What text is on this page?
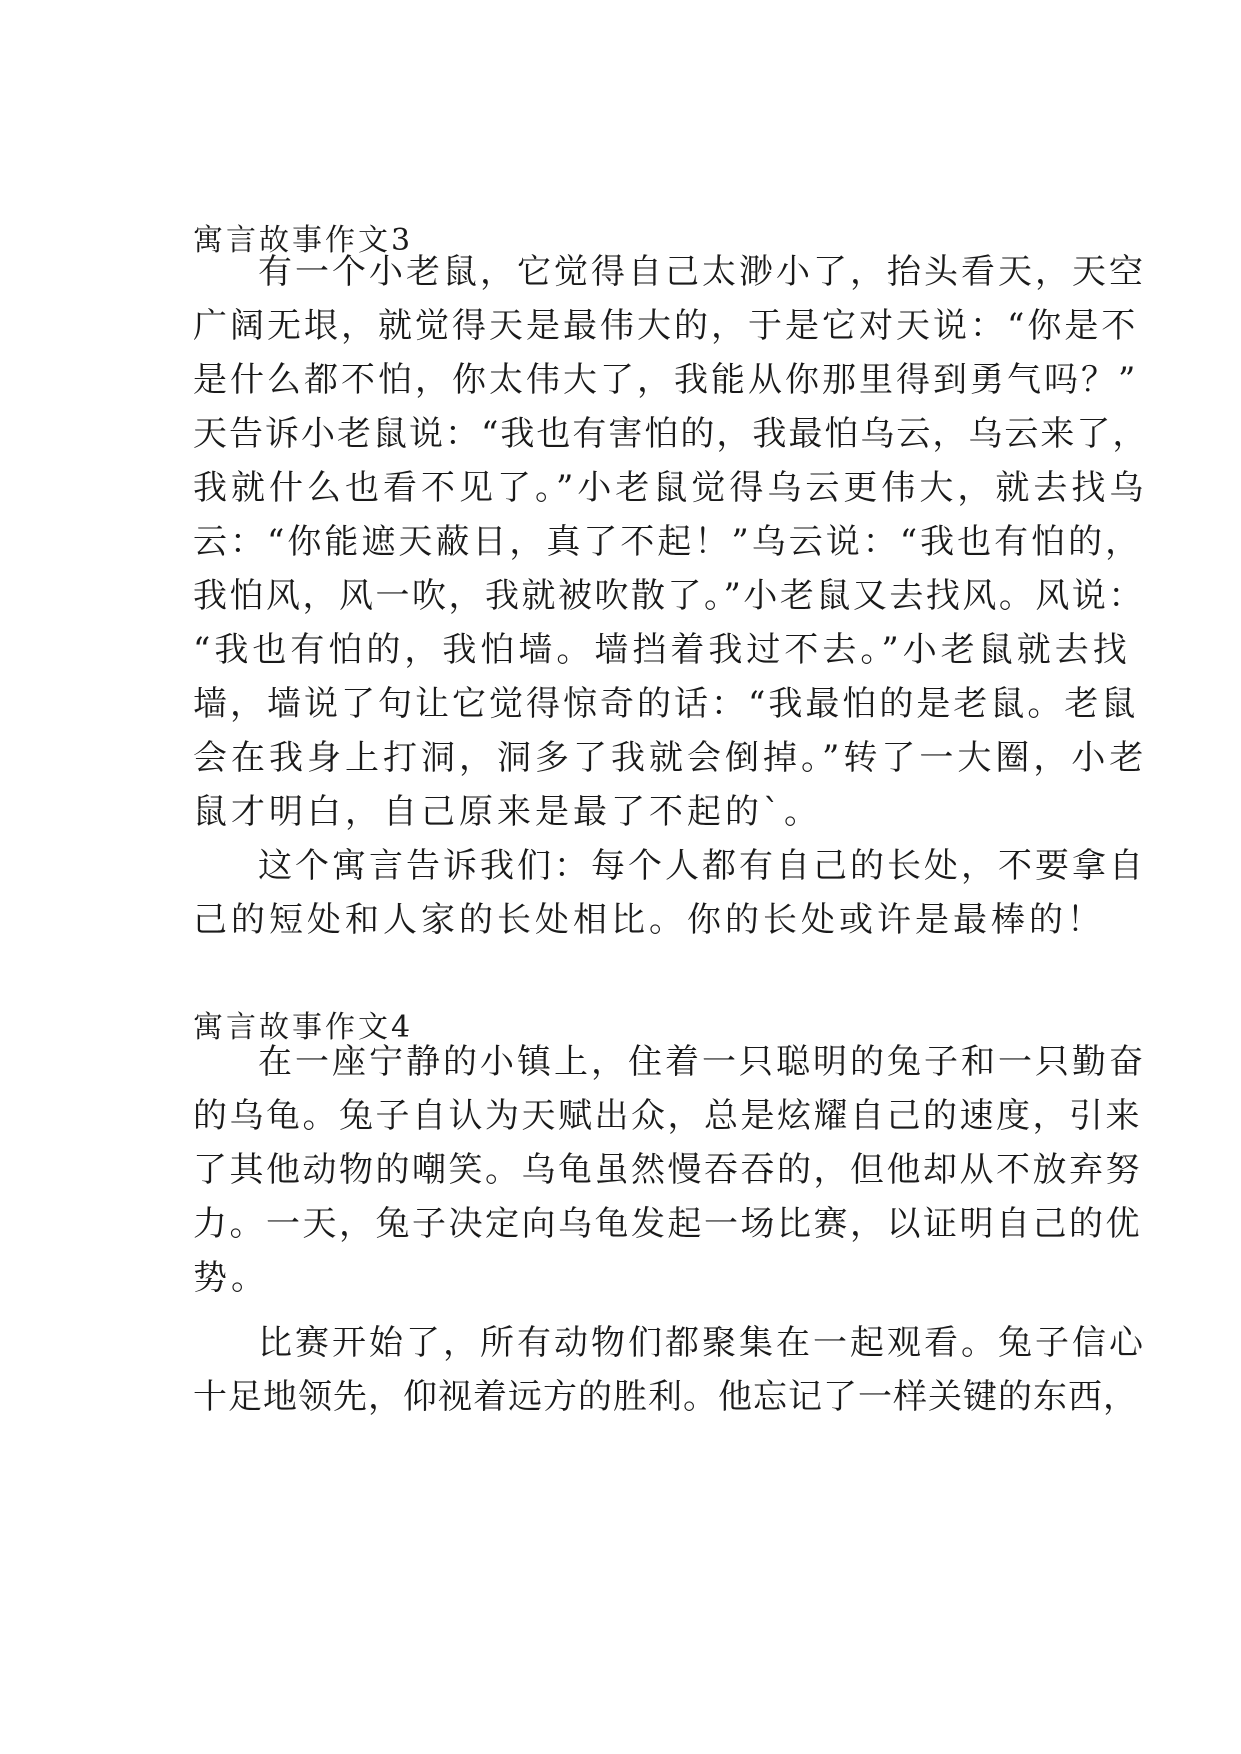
寓言故事作文3

有一个小老鼠，它觉得自己太渺小了，抬头看天，天空

广阔无垠，就觉得天是最伟大的，于是它对天说：“你是不

是什么都不怕，你太伟大了，我能从你那里得到勇气吗？”

天告诉小老鼠说：“我也有害怕的，我最怕乌云，乌云来了，

我就什么也看不见了。”小老鼠觉得乌云更伟大，就去找乌

云：“你能遮天蔽日，真了不起！”乌云说：“我也有怕的，

我怕风，风一吹，我就被吹散了。”小老鼠又去找风。风说：

“我也有怕的，我怕墙。墙挡着我过不去。”小老鼠就去找

墙，墙说了句让它觉得惊奇的话：“我最怕的是老鼠。老鼠

会在我身上打洞，洞多了我就会倒掉。”转了一大圈，小老

鼠才明白，自己原来是最了不起的`。

这个寓言告诉我们：每个人都有自己的长处，不要拿自

己的短处和人家的长处相比。你的长处或许是最棒的！

寓言故事作文4

在一座宁静的小镇上，住着一只聪明的兔子和一只勤奋

的乌龟。兔子自认为天赋出众，总是炫耀自己的速度，引来

了其他动物的嘲笑。乌龟虽然慢吞吞的，但他却从不放弃努

力。一天，兔子决定向乌龟发起一场比赛，以证明自己的优

势。

比赛开始了，所有动物们都聚集在一起观看。兔子信心

十足地领先，仰视着远方的胜利。他忘记了一样关键的东西，
